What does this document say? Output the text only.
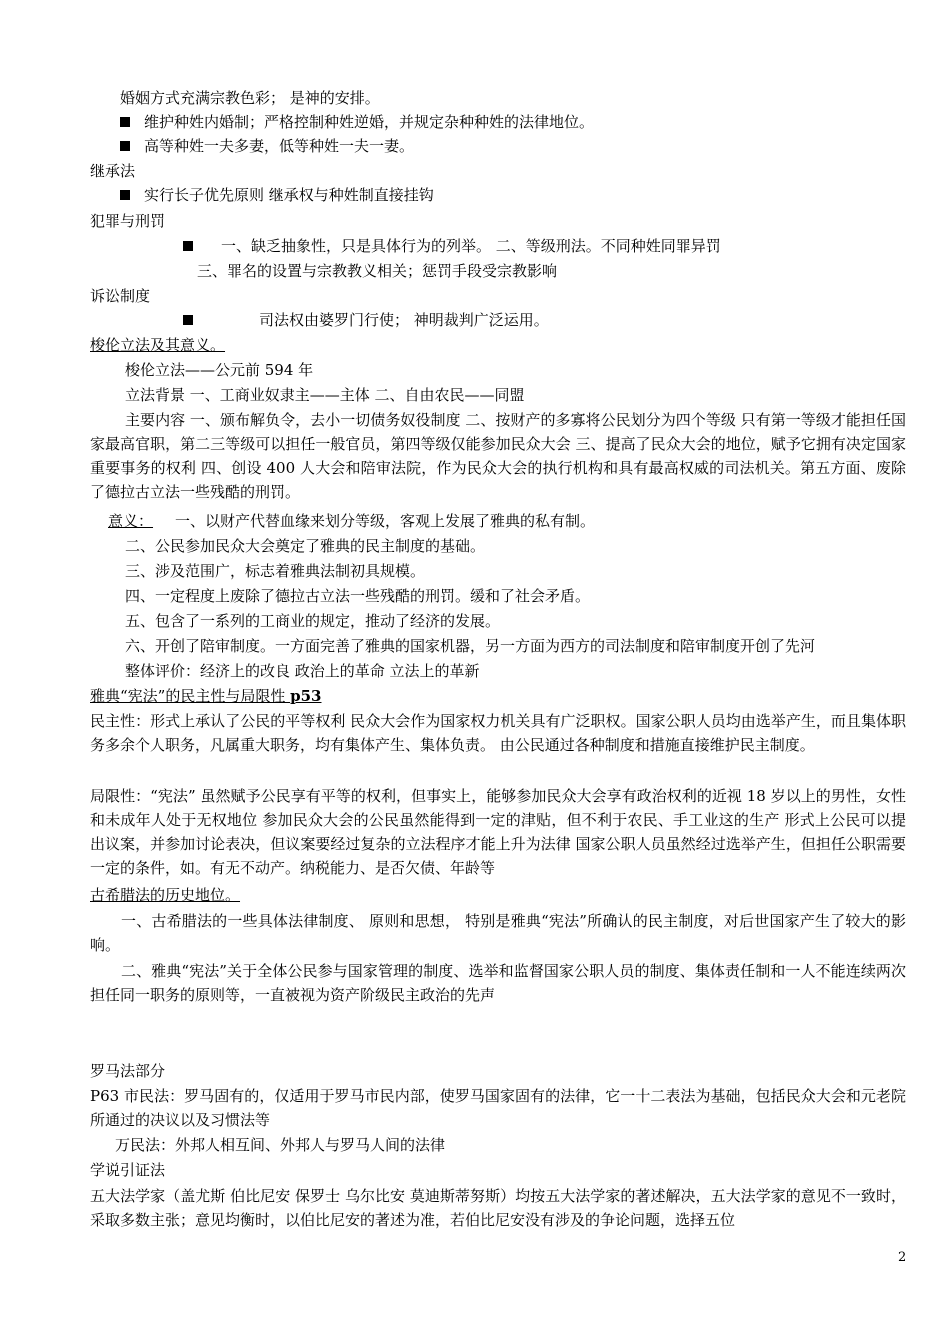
婚姻方式充满宗教色彩； 是神的安排。
维护种姓内婚制；严格控制种姓逆婚，并规定杂种种姓的法律地位。
高等种姓一夫多妻，低等种姓一夫一妻。
继承法
实行长子优先原则 继承权与种姓制直接挂钩
犯罪与刑罚
一、缺乏抽象性，只是具体行为的列举。 二、等级刑法。不同种姓同罪异罚
三、罪名的设置与宗教教义相关；惩罚手段受宗教影响
诉讼制度
司法权由婆罗门行使； 神明裁判广泛运用。
梭伦立法及其意义。
梭伦立法——公元前 594 年
立法背景 一、工商业奴隶主——主体 二、自由农民——同盟
主要内容 一、颁布解负令，去小一切债务奴役制度 二、按财产的多寡将公民划分为四个等级 只有第一等级才能担任国家最高官职，第二三等级可以担任一般官员，第四等级仅能参加民众大会 三、提高了民众大会的地位，赋予它拥有决定国家重要事务的权利 四、创设 400 人大会和陪审法院，作为民众大会的执行机构和具有最高权威的司法机关。第五方面、废除了德拉古立法一些残酷的刑罚。
意义： 一、以财产代替血缘来划分等级，客观上发展了雅典的私有制。
二、公民参加民众大会奠定了雅典的民主制度的基础。
三、涉及范围广，标志着雅典法制初具规模。
四、一定程度上废除了德拉古立法一些残酷的刑罚。缓和了社会矛盾。
五、包含了一系列的工商业的规定，推动了经济的发展。
六、开创了陪审制度。一方面完善了雅典的国家机器，另一方面为西方的司法制度和陪审制度开创了先河
整体评价：经济上的改良 政治上的革命 立法上的革新
雅典“宪法”的民主性与局限性 p53
民主性：形式上承认了公民的平等权利 民众大会作为国家权力机关具有广泛职权。国家公职人员均由选举产生，而且集体职务多余个人职务，凡属重大职务，均有集体产生、集体负责。 由公民通过各种制度和措施直接维护民主制度。
局限性：“宪法” 虽然赋予公民享有平等的权利，但事实上，能够参加民众大会享有政治权利的近视 18 岁以上的男性，女性和未成年人处于无权地位 参加民众大会的公民虽然能得到一定的津贴，但不利于农民、手工业这的生产 形式上公民可以提出议案，并参加讨论表决，但议案要经过复杂的立法程序才能上升为法律 国家公职人员虽然经过选举产生，但担任公职需要一定的条件，如。有无不动产。纳税能力、是否欠债、年龄等
古希腊法的历史地位。
一、古希腊法的一些具体法律制度、 原则和思想， 特别是雅典“宪法”所确认的民主制度，对后世国家产生了较大的影响。
二、雅典“宪法”关于全体公民参与国家管理的制度、选举和监督国家公职人员的制度、集体责任制和一人不能连续两次担任同一职务的原则等，一直被视为资产阶级民主政治的先声
罗马法部分
P63 市民法：罗马固有的，仅适用于罗马市民内部，使罗马国家固有的法律，它一十二表法为基础，包括民众大会和元老院所通过的决议以及习惯法等
万民法：外邦人相互间、外邦人与罗马人间的法律
学说引证法
五大法学家（盖尤斯 伯比尼安 保罗士 乌尔比安 莫迪斯蒂努斯）均按五大法学家的著述解决，五大法学家的意见不一致时，采取多数主张；意见均衡时，以伯比尼安的著述为准，若伯比尼安没有涉及的争论问题，选择五位
2
